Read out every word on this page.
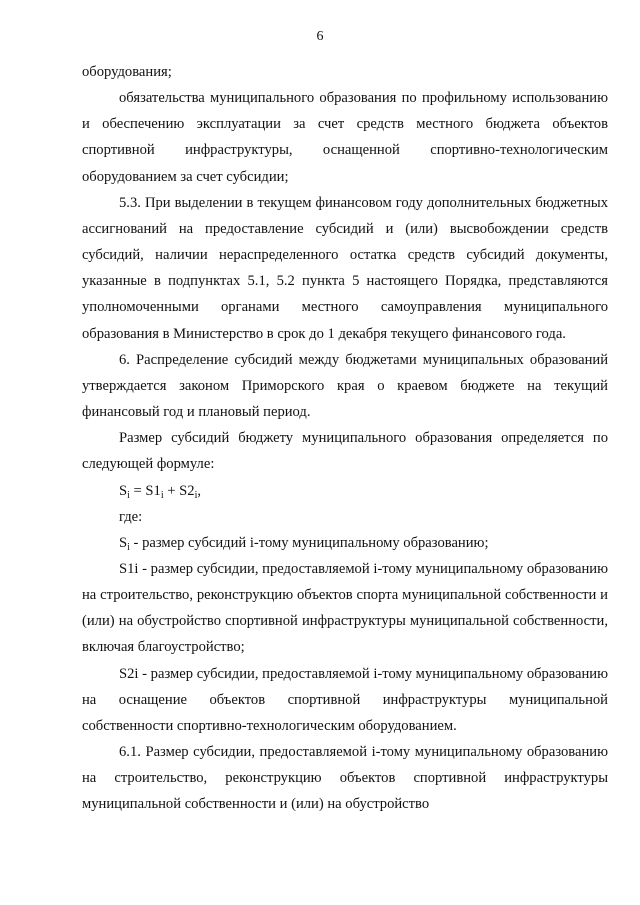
6

оборудования;

обязательства муниципального образования по профильному использованию и обеспечению эксплуатации за счет средств местного бюджета объектов спортивной инфраструктуры, оснащенной спортивно-технологическим оборудованием за счет субсидии;

5.3. При выделении в текущем финансовом году дополнительных бюджетных ассигнований на предоставление субсидий и (или) высвобождении средств субсидий, наличии нераспределенного остатка средств субсидий документы, указанные в подпунктах 5.1, 5.2 пункта 5 настоящего Порядка, представляются уполномоченными органами местного самоуправления муниципального образования в Министерство в срок до 1 декабря текущего финансового года.

6. Распределение субсидий между бюджетами муниципальных образований утверждается законом Приморского края о краевом бюджете на текущий финансовый год и плановый период.

Размер субсидий бюджету муниципального образования определяется по следующей формуле:

$S_i = S1_i + S2_i$,

где:

$S_i$ - размер субсидий i-тому муниципальному образованию;

S1i - размер субсидии, предоставляемой i-тому муниципальному образованию на строительство, реконструкцию объектов спорта муниципальной собственности и (или) на обустройство спортивной инфраструктуры муниципальной собственности, включая благоустройство;

S2i - размер субсидии, предоставляемой i-тому муниципальному образованию на оснащение объектов спортивной инфраструктуры муниципальной собственности спортивно-технологическим оборудованием.

6.1. Размер субсидии, предоставляемой i-тому муниципальному образованию на строительство, реконструкцию объектов спортивной инфраструктуры муниципальной собственности и (или) на обустройство
